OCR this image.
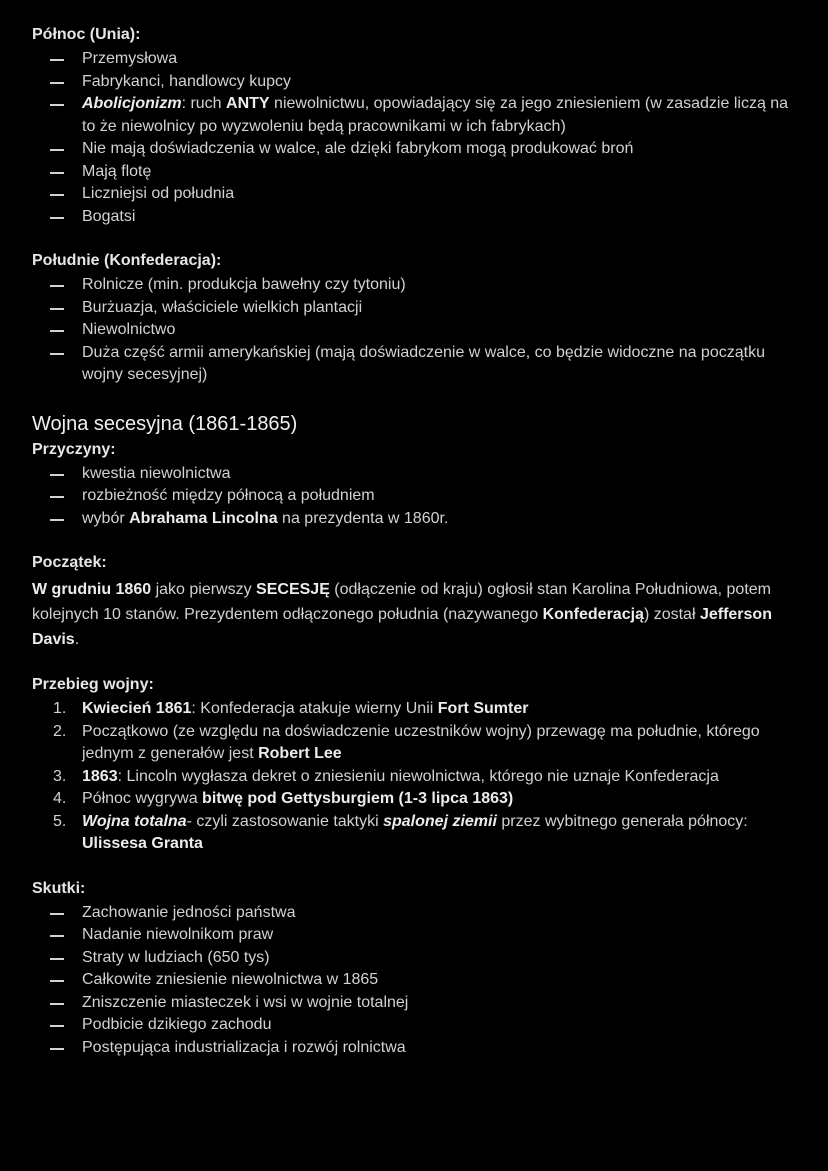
Północ (Unia):
Przemysłowa
Fabrykanci, handlowcy kupcy
Abolicjonizm: ruch ANTY niewolnictwu, opowiadający się za jego zniesieniem (w zasadzie liczą na to że niewolnicy po wyzwoleniu będą pracownikami w ich fabrykach)
Nie mają doświadczenia w walce, ale dzięki fabrykom mogą produkować broń
Mają flotę
Liczniejsi od południa
Bogatsi
Południe (Konfederacja):
Rolnicze (min. produkcja bawełny czy tytoniu)
Burżuazja, właściciele wielkich plantacji
Niewolnictwo
Duża część armii amerykańskiej (mają doświadczenie w walce, co będzie widoczne na początku wojny secesyjnej)
Wojna secesyjna (1861-1865)
Przyczyny:
kwestia niewolnictwa
rozbieżność między północą a południem
wybór Abrahama Lincolna na prezydenta w 1860r.
Początek:

W grudniu 1860 jako pierwszy SECESJĘ (odłączenie od kraju) ogłosił stan Karolina Południowa, potem kolejnych 10 stanów. Prezydentem odłączonego południa (nazywanego Konfederacją) został Jefferson Davis.

Przebieg wojny:
1. Kwiecień 1861: Konfederacja atakuje wierny Unii Fort Sumter
2. Początkowo (ze względu na doświadczenie uczestników wojny) przewagę ma południe, którego jednym z generałów jest Robert Lee
3. 1863: Lincoln wygłasza dekret o zniesieniu niewolnictwa, którego nie uznaje Konfederacja
4. Północ wygrywa bitwę pod Gettysburgiem (1-3 lipca 1863)
5. Wojna totalna- czyli zastosowanie taktyki spalonej ziemii przez wybitnego generała północy: Ulissesa Granta
Skutki:
Zachowanie jedności państwa
Nadanie niewolnikom praw
Straty w ludziach (650 tys)
Całkowite zniesienie niewolnictwa w 1865
Zniszczenie miasteczek i wsi w wojnie totalnej
Podbicie dzikiego zachodu
Postępująca industrializacja i rozwój rolnictwa
